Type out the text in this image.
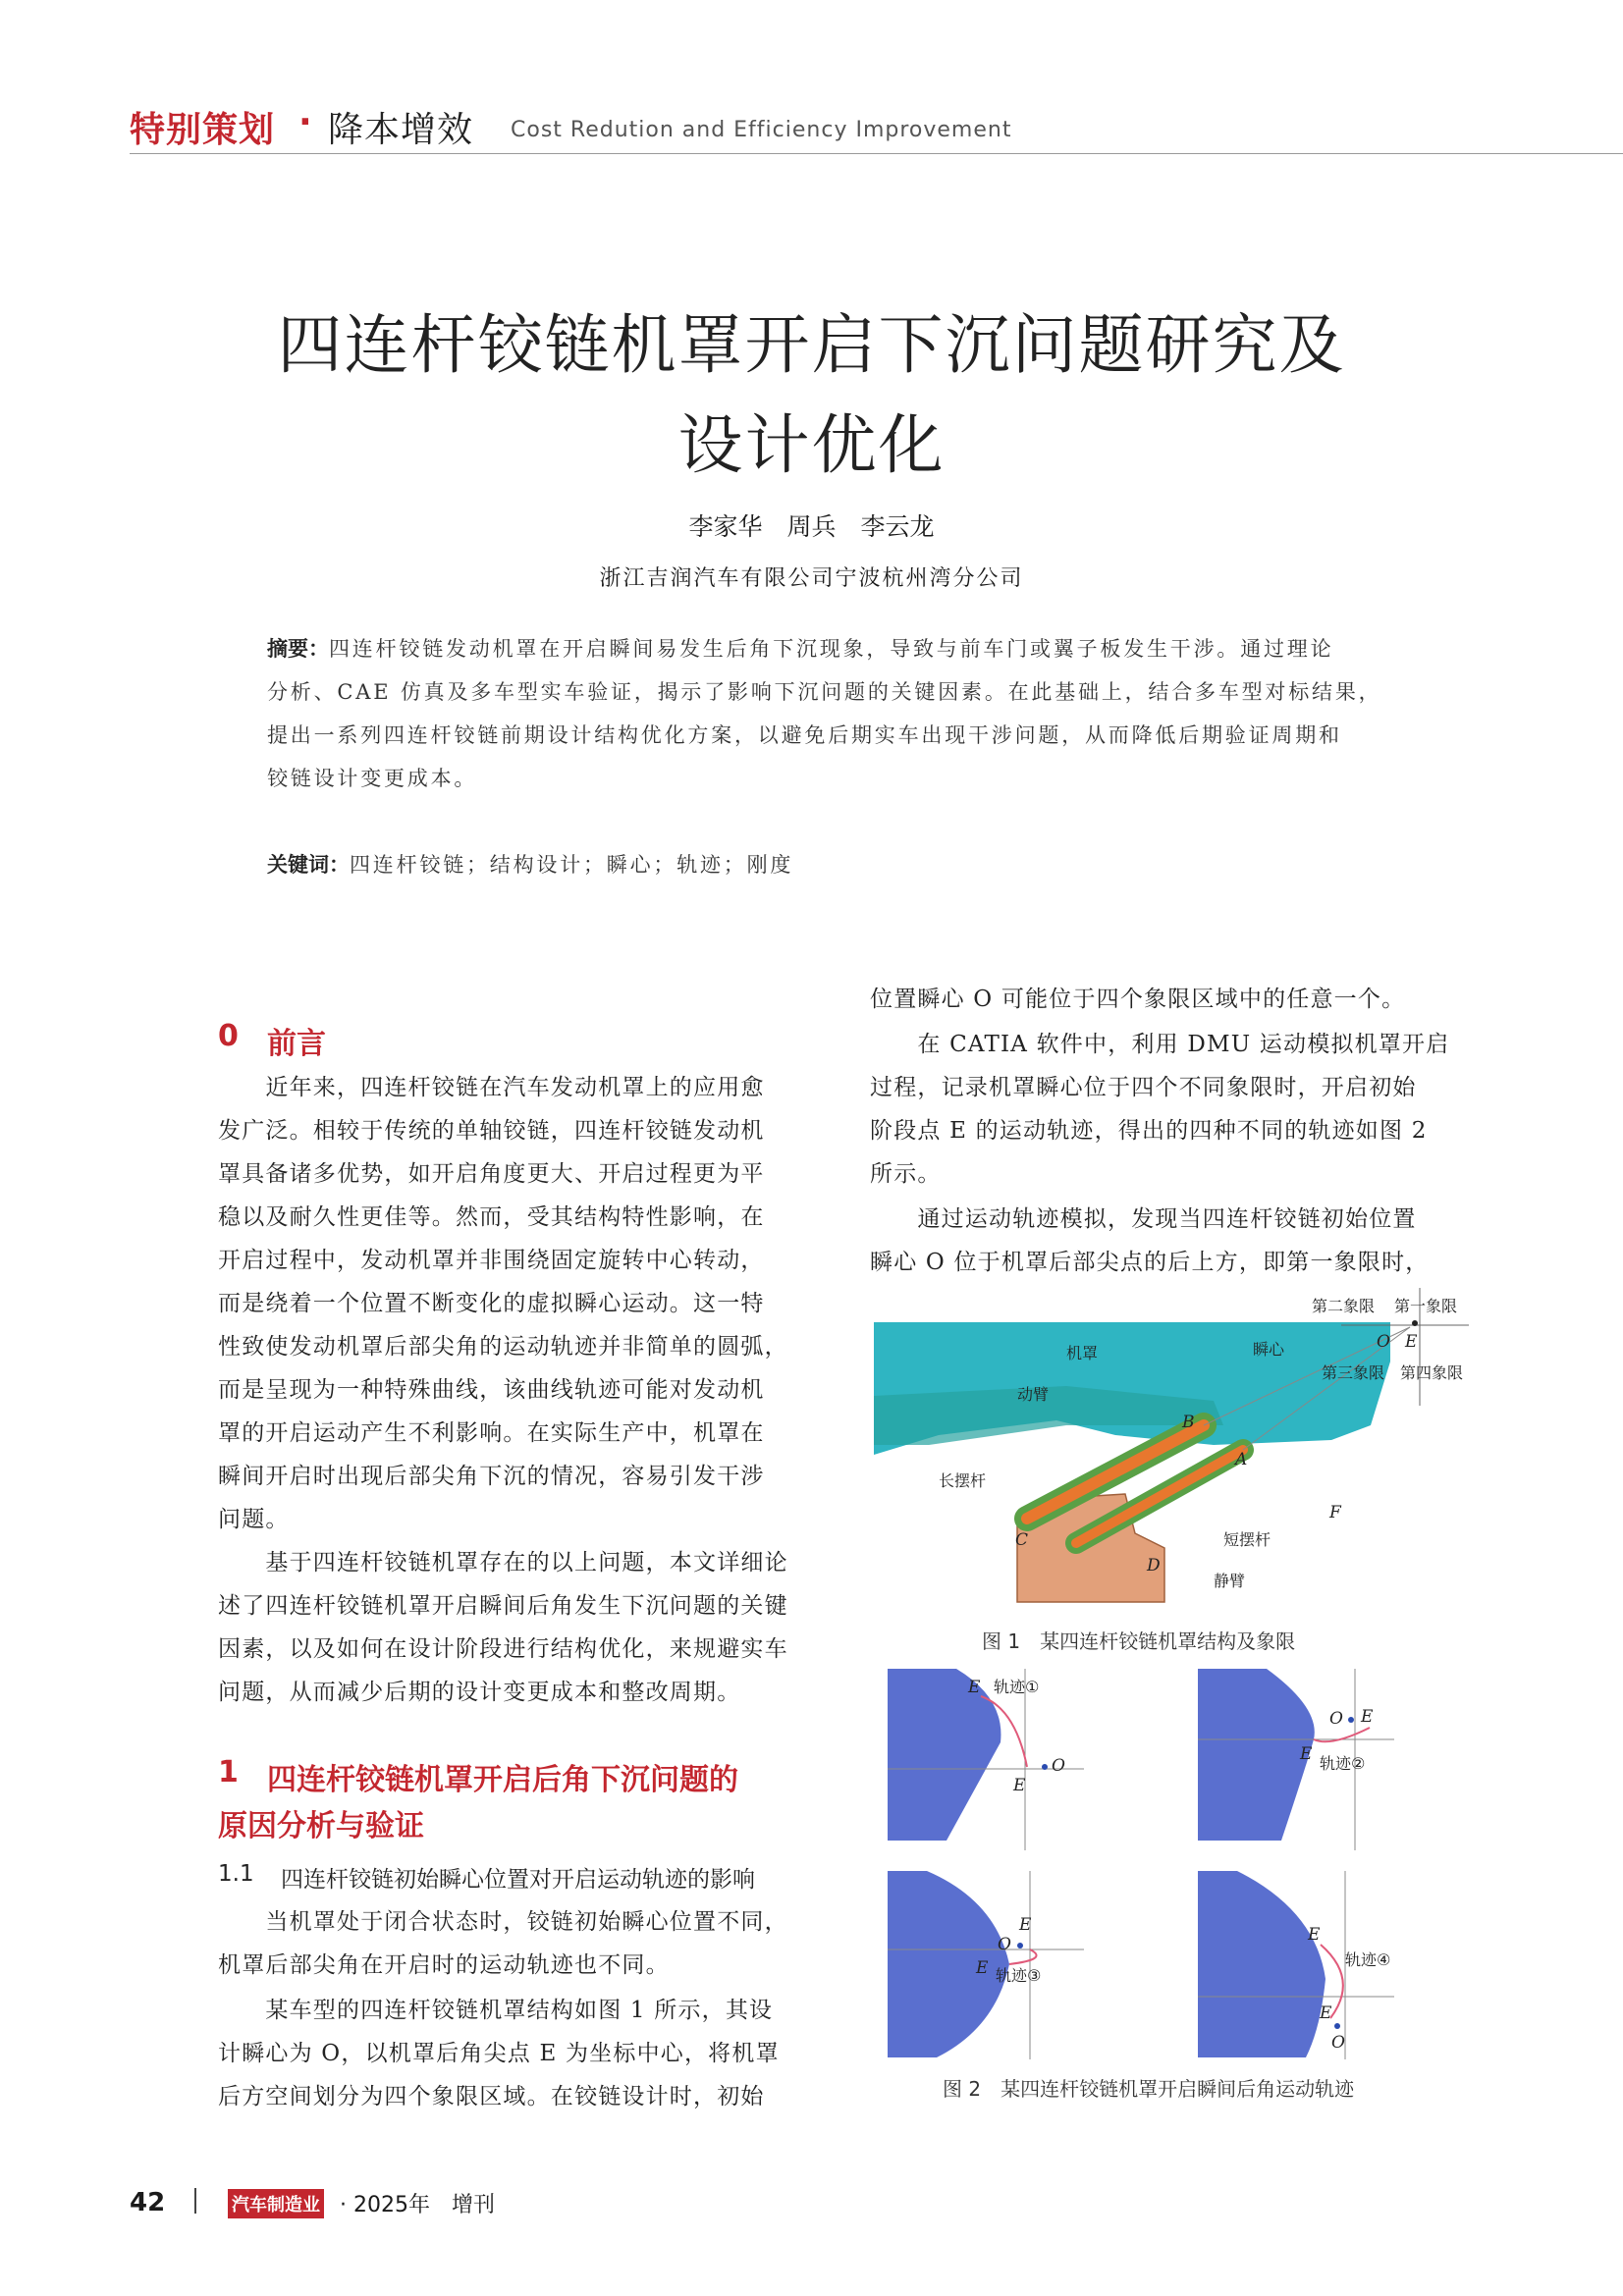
特别策划 · 降本增效 Cost Redution and Efficiency Improvement
四连杆铰链机罩开启下沉问题研究及
设计优化
李家华　周兵　李云龙
浙江吉润汽车有限公司宁波杭州湾分公司
摘要：四连杆铰链发动机罩在开启瞬间易发生后角下沉现象，导致与前车门或翼子板发生干涉。通过理论
分析、CAE 仿真及多车型实车验证，揭示了影响下沉问题的关键因素。在此基础上，结合多车型对标结果，
提出一系列四连杆铰链前期设计结构优化方案，以避免后期实车出现干涉问题，从而降低后期验证周期和
铰链设计变更成本。
关键词：四连杆铰链；结构设计；瞬心；轨迹；刚度
0 前言
　　近年来，四连杆铰链在汽车发动机罩上的应用愈
发广泛。相较于传统的单轴铰链，四连杆铰链发动机
罩具备诸多优势，如开启角度更大、开启过程更为平
稳以及耐久性更佳等。然而，受其结构特性影响，在
开启过程中，发动机罩并非围绕固定旋转中心转动，
而是绕着一个位置不断变化的虚拟瞬心运动。这一特
性致使发动机罩后部尖角的运动轨迹并非简单的圆弧，
而是呈现为一种特殊曲线，该曲线轨迹可能对发动机
罩的开启运动产生不利影响。在实际生产中，机罩在
瞬间开启时出现后部尖角下沉的情况，容易引发干涉
问题。
　　基于四连杆铰链机罩存在的以上问题，本文详细论
述了四连杆铰链机罩开启瞬间后角发生下沉问题的关键
因素，以及如何在设计阶段进行结构优化，来规避实车
问题，从而减少后期的设计变更成本和整改周期。
1 四连杆铰链机罩开启后角下沉问题的
原因分析与验证
1.1 四连杆铰链初始瞬心位置对开启运动轨迹的影响
　　当机罩处于闭合状态时，铰链初始瞬心位置不同，
机罩后部尖角在开启时的运动轨迹也不同。
　　某车型的四连杆铰链机罩结构如图 1 所示，其设
计瞬心为 O，以机罩后角尖点 E 为坐标中心，将机罩
后方空间划分为四个象限区域。在铰链设计时，初始
位置瞬心 O 可能位于四个象限区域中的任意一个。
　　在 CATIA 软件中，利用 DMU 运动模拟机罩开启
过程，记录机罩瞬心位于四个不同象限时，开启初始
阶段点 E 的运动轨迹，得出的四种不同的轨迹如图 2
所示。
　　通过运动轨迹模拟，发现当四连杆铰链初始位置
瞬心 O 位于机罩后部尖点的后上方，即第一象限时，
第二象限 第一象限
第三象限 第四象限
机罩	瞬心
动臂
长摆杆
短摆杆
静臂
O E
B
A
C
D
F
图 1　某四连杆铰链机罩结构及象限
E 轨迹①
O
E
O E
E 轨迹②
O
E
E 轨迹③
E
轨迹④
E
O
图 2　某四连杆铰链机罩开启瞬间后角运动轨迹
42	汽车制造业 · 2025年　增刊
